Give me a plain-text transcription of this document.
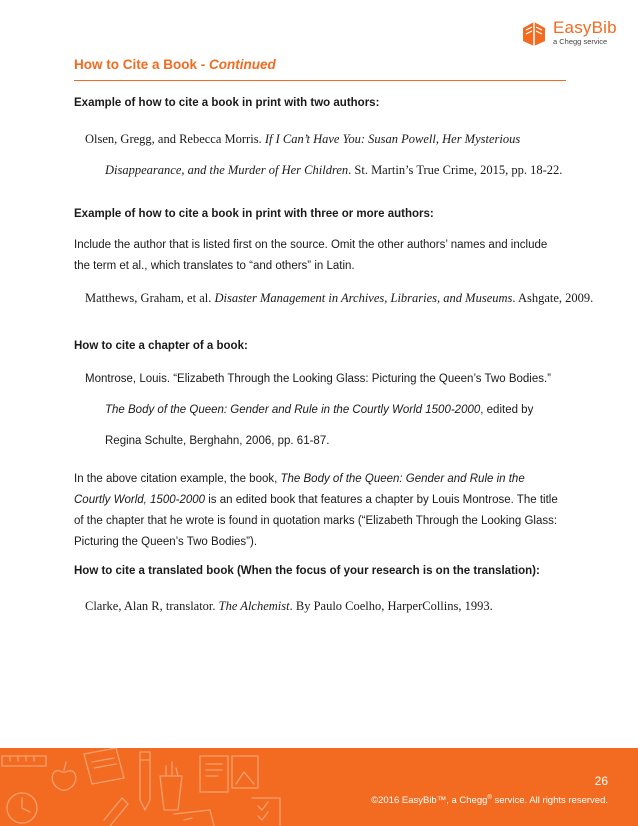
EasyBib
a Chegg service
How to Cite a Book - Continued
Example of how to cite a book in print with two authors:
Olsen, Gregg, and Rebecca Morris. If I Can’t Have You: Susan Powell, Her Mysterious
Disappearance, and the Murder of Her Children. St. Martin’s True Crime, 2015, pp. 18-22.
Example of how to cite a book in print with three or more authors:
Include the author that is listed first on the source. Omit the other authors’ names and include
the term et al., which translates to “and others” in Latin.
Matthews, Graham, et al. Disaster Management in Archives, Libraries, and Museums. Ashgate, 2009.
How to cite a chapter of a book:
Montrose, Louis. “Elizabeth Through the Looking Glass: Picturing the Queen’s Two Bodies.”
The Body of the Queen: Gender and Rule in the Courtly World 1500-2000, edited by
Regina Schulte, Berghahn, 2006, pp. 61-87.
In the above citation example, the book, The Body of the Queen: Gender and Rule in the
Courtly World, 1500-2000 is an edited book that features a chapter by Louis Montrose. The title
of the chapter that he wrote is found in quotation marks (“Elizabeth Through the Looking Glass:
Picturing the Queen’s Two Bodies”).
How to cite a translated book (When the focus of your research is on the translation):
Clarke, Alan R, translator. The Alchemist. By Paulo Coelho, HarperCollins, 1993.
26
©2016 EasyBib™, a Chegg® service. All rights reserved.
